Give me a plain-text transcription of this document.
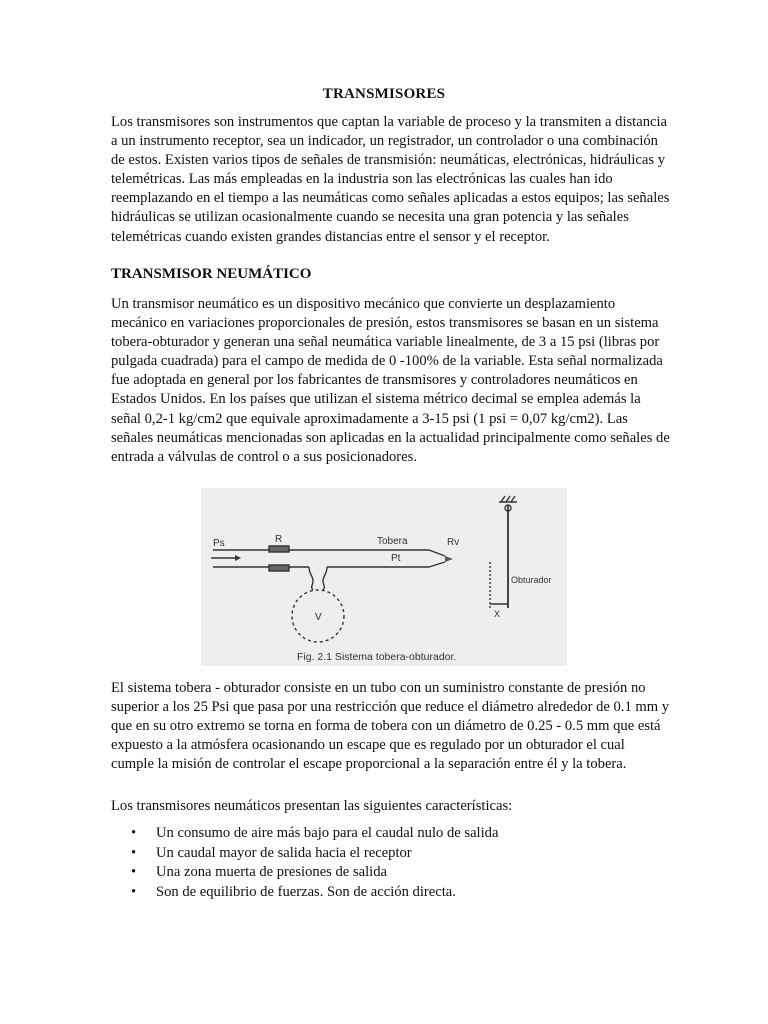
TRANSMISORES

Los transmisores son instrumentos que captan la variable de proceso y la transmiten a distancia a un instrumento receptor, sea un indicador, un registrador, un controlador o una combinación de estos. Existen varios tipos de señales de transmisión: neumáticas, electrónicas, hidráulicas y telemétricas. Las más empleadas en la industria son las electrónicas las cuales han ido reemplazando en el tiempo a las neumáticas como señales aplicadas a estos equipos; las señales hidráulicas se utilizan ocasionalmente cuando se necesita una gran potencia y las señales telemétricas cuando existen grandes distancias entre el sensor y el receptor.

TRANSMISOR NEUMÁTICO

Un transmisor neumático es un dispositivo mecánico que convierte un desplazamiento mecánico en variaciones proporcionales de presión, estos transmisores se basan en un sistema tobera-obturador y generan una señal neumática variable linealmente, de 3 a 15 psi (libras por pulgada cuadrada) para el campo de medida de 0 -100% de la variable. Esta señal normalizada fue adoptada en general por los fabricantes de transmisores y controladores neumáticos en Estados Unidos. En los países que utilizan el sistema métrico decimal se emplea además la señal 0,2-1 kg/cm2 que equivale aproximadamente a 3-15 psi (1 psi = 0,07 kg/cm2). Las señales neumáticas mencionadas son aplicadas en la actualidad principalmente como señales de entrada a válvulas de control o a sus posicionadores.

Ps	R	Tobera	Rv
Pt
V
Obturador
X
Fig. 2.1 Sistema tobera-obturador.

El sistema tobera - obturador consiste en un tubo con un suministro constante de presión no superior a los 25 Psi que pasa por una restricción que reduce el diámetro alrededor de 0.1 mm y que en su otro extremo se torna en forma de tobera con un diámetro de 0.25 - 0.5 mm que está expuesto a la atmósfera ocasionando un escape que es regulado por un obturador el cual cumple la misión de controlar el escape proporcional a la separación entre él y la tobera.

Los transmisores neumáticos presentan las siguientes características:

• Un consumo de aire más bajo para el caudal nulo de salida
• Un caudal mayor de salida hacia el receptor
• Una zona muerta de presiones de salida
• Son de equilibrio de fuerzas. Son de acción directa.
